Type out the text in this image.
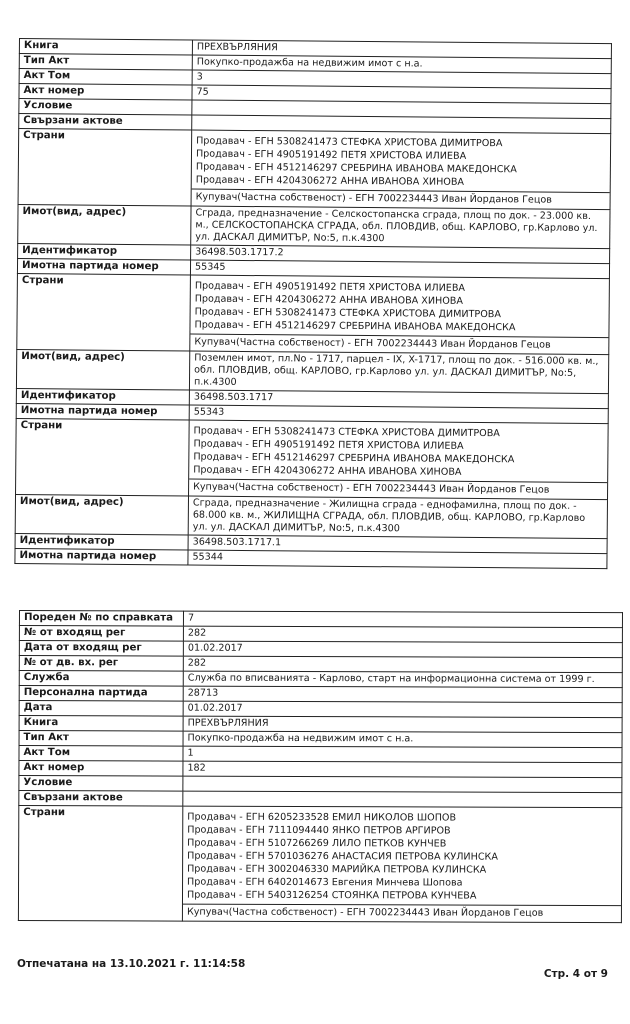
Книга	ПРЕХВЪРЛЯНИЯ
Тип Акт	Покупко-продажба на недвижим имот с н.а.
Акт Том	3
Акт номер	75
Условие	
Свързани актове	
Страни	Продавач - ЕГН 5308241473 СТЕФКА ХРИСТОВА ДИМИТРОВА
Продавач - ЕГН 4905191492 ПЕТЯ ХРИСТОВА ИЛИЕВА
Продавач - ЕГН 4512146297 СРЕБРИНА ИВАНОВА МАКЕДОНСКА
Продавач - ЕГН 4204306272 АННА ИВАНОВА ХИНОВА
Купувач(Частна собственост) - ЕГН 7002234443 Иван Йорданов Гецов

Имот(вид, адрес)	Сграда, предназначение - Селскостопанска сграда, площ по док. - 23.000 кв. м., СЕЛСКОСТОПАНСКА СГРАДА, обл. ПЛОВДИВ, общ. КАРЛОВО, гр.Карлово ул. ул. ДАСКАЛ ДИМИТЪР, No:5, п.к.4300
Идентификатор	36498.503.1717.2
Имотна партида номер	55345
Страни	Продавач - ЕГН 4905191492 ПЕТЯ ХРИСТОВА ИЛИЕВА
Продавач - ЕГН 4204306272 АННА ИВАНОВА ХИНОВА
Продавач - ЕГН 5308241473 СТЕФКА ХРИСТОВА ДИМИТРОВА
Продавач - ЕГН 4512146297 СРЕБРИНА ИВАНОВА МАКЕДОНСКА
Купувач(Частна собственост) - ЕГН 7002234443 Иван Йорданов Гецов

Имот(вид, адрес)	Поземлен имот, пл.No - 1717, парцел - IX, X-1717, площ по док. - 516.000 кв. м., обл. ПЛОВДИВ, общ. КАРЛОВО, гр.Карлово ул. ул. ДАСКАЛ ДИМИТЪР, No:5, п.к.4300
Идентификатор	36498.503.1717
Имотна партида номер	55343
Страни	Продавач - ЕГН 5308241473 СТЕФКА ХРИСТОВА ДИМИТРОВА
Продавач - ЕГН 4905191492 ПЕТЯ ХРИСТОВА ИЛИЕВА
Продавач - ЕГН 4512146297 СРЕБРИНА ИВАНОВА МАКЕДОНСКА
Продавач - ЕГН 4204306272 АННА ИВАНОВА ХИНОВА
Купувач(Частна собственост) - ЕГН 7002234443 Иван Йорданов Гецов

Имот(вид, адрес)	Сграда, предназначение - Жилищна сграда - еднофамилна, площ по док. - 68.000 кв. м., ЖИЛИЩНА СГРАДА, обл. ПЛОВДИВ, общ. КАРЛОВО, гр.Карлово ул. ул. ДАСКАЛ ДИМИТЪР, No:5, п.к.4300
Идентификатор	36498.503.1717.1
Имотна партида номер	55344
Пореден № по справката	7
№ от входящ рег	282
Дата от входящ рег	01.02.2017
№ от дв. вх. рег	282
Служба	Служба по вписванията - Карлово, старт на информационна система от 1999 г.
Персонална партида	28713
Дата	01.02.2017
Книга	ПРЕХВЪРЛЯНИЯ
Тип Акт	Покупко-продажба на недвижим имот с н.а.
Акт Том	1
Акт номер	182
Условие	
Свързани актове	
Страни	Продавач - ЕГН 6205233528 ЕМИЛ НИКОЛОВ ШОПОВ
Продавач - ЕГН 7111094440 ЯНКО ПЕТРОВ АРГИРОВ
Продавач - ЕГН 5107266269 ЛИЛО ПЕТКОВ КУНЧЕВ
Продавач - ЕГН 5701036276 АНАСТАСИЯ ПЕТРОВА КУЛИНСКА
Продавач - ЕГН 3002046330 МАРИЙКА ПЕТРОВА КУЛИНСКА
Продавач - ЕГН 6402014673 Евгения Минчева Шопова
Продавач - ЕГН 5403126254 СТОЯНКА ПЕТРОВА КУНЧЕВА
Купувач(Частна собственост) - ЕГН 7002234443 Иван Йорданов Гецов
Отпечатана на 13.10.2021 г. 11:14:58
Стр. 4 от 9
